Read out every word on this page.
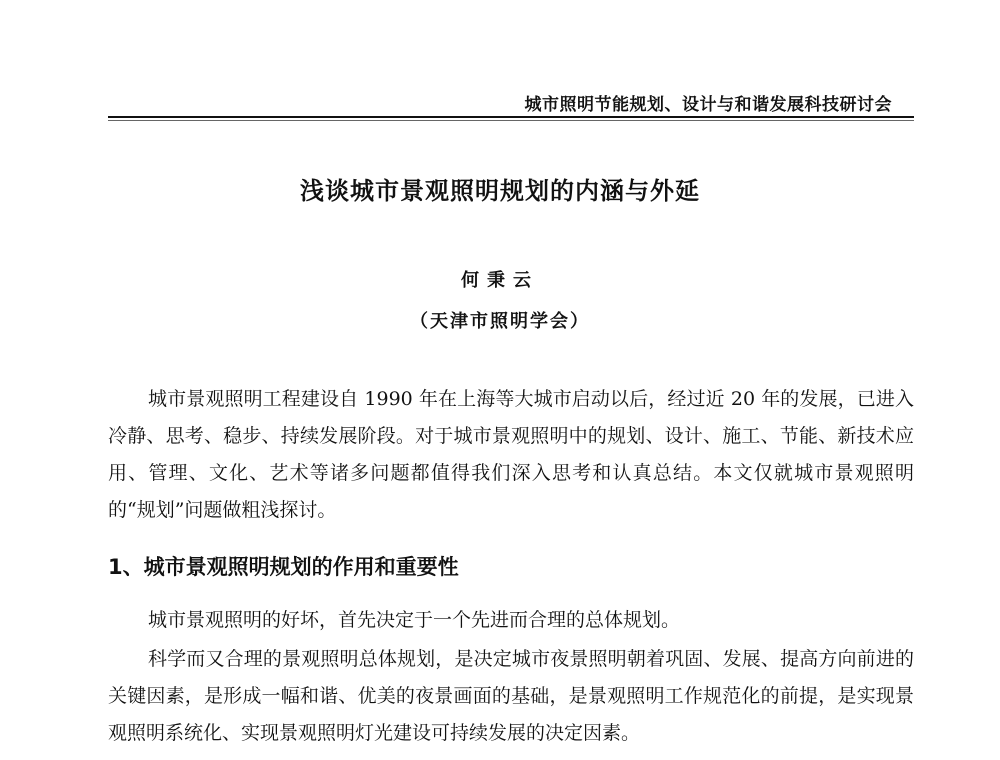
城市照明节能规划、设计与和谐发展科技研讨会
浅谈城市景观照明规划的内涵与外延
何秉云
（天津市照明学会）
城市景观照明工程建设自 1990 年在上海等大城市启动以后，经过近 20 年的发展，已进入冷静、思考、稳步、持续发展阶段。对于城市景观照明中的规划、设计、施工、节能、新技术应用、管理、文化、艺术等诸多问题都值得我们深入思考和认真总结。本文仅就城市景观照明的“规划”问题做粗浅探讨。
1、城市景观照明规划的作用和重要性
城市景观照明的好坏，首先决定于一个先进而合理的总体规划。
科学而又合理的景观照明总体规划，是决定城市夜景照明朝着巩固、发展、提高方向前进的关键因素，是形成一幅和谐、优美的夜景画面的基础，是景观照明工作规范化的前提，是实现景观照明系统化、实现景观照明灯光建设可持续发展的决定因素。
